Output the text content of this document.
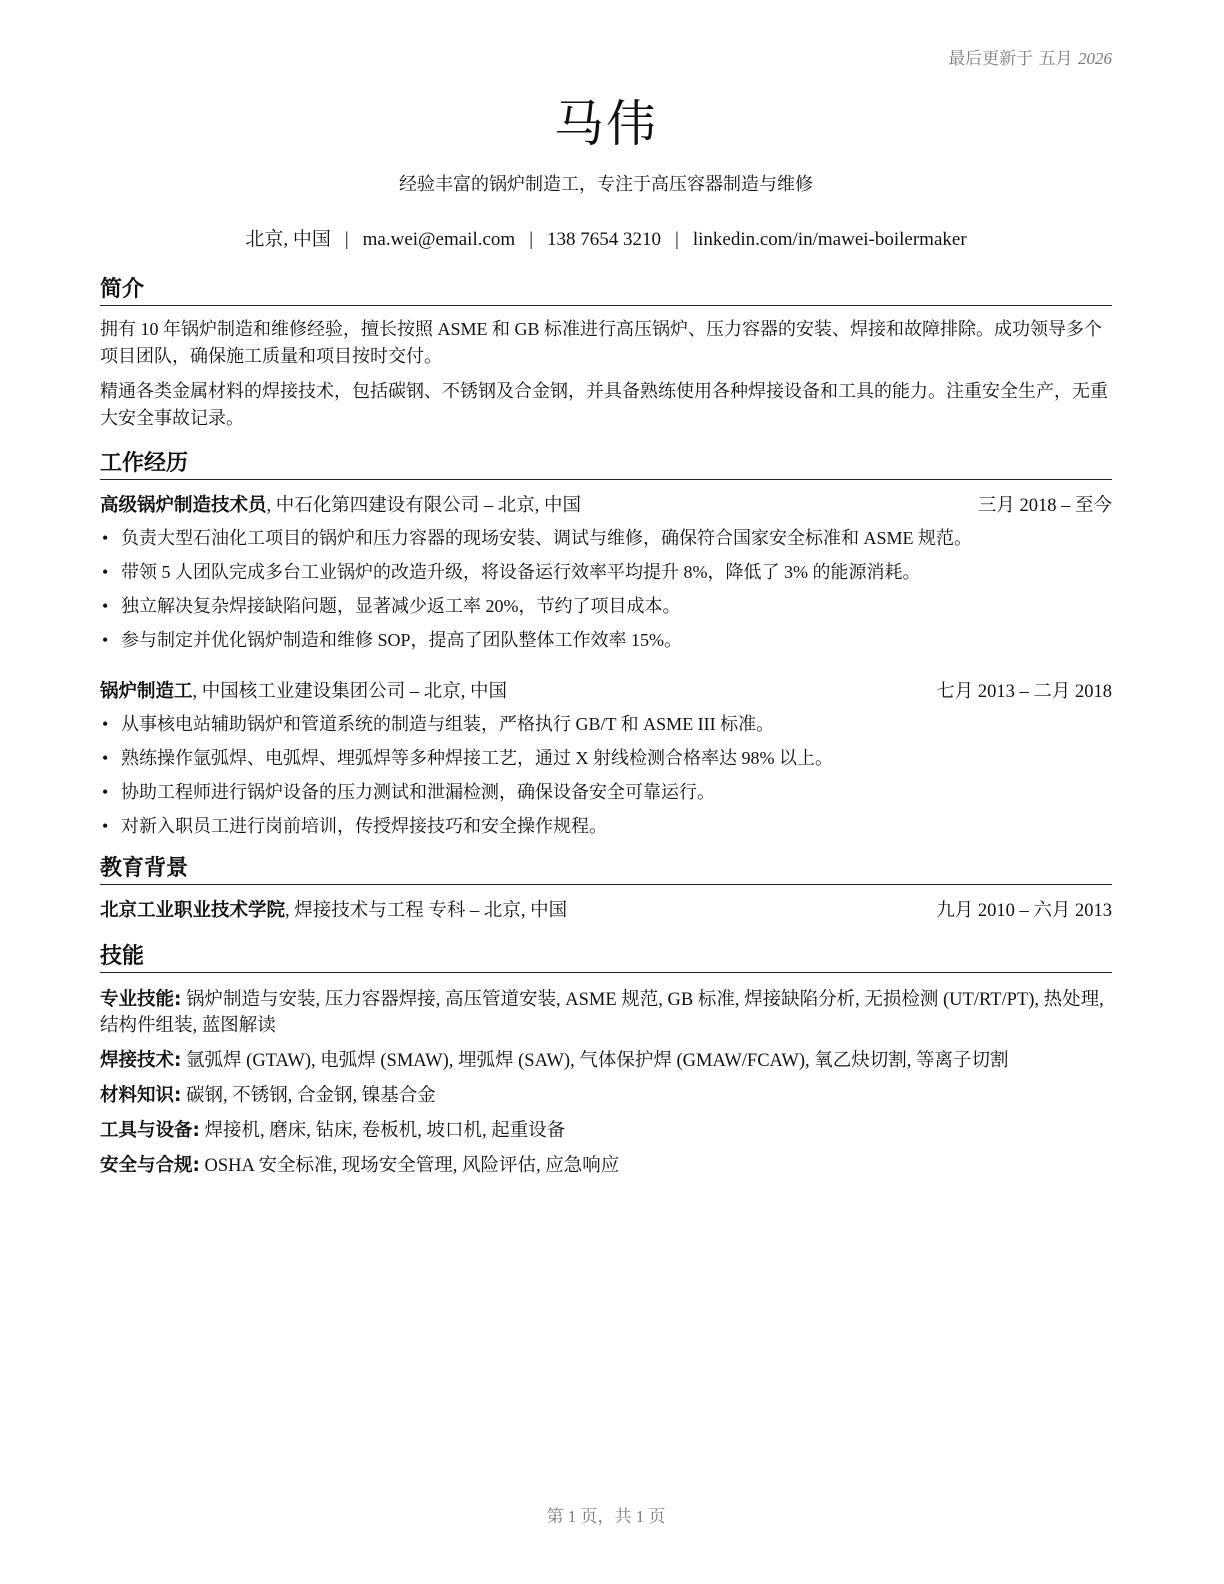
最后更新于 五月 2026
马伟
经验丰富的锅炉制造工，专注于高压容器制造与维修
北京, 中国 | ma.wei@email.com | 138 7654 3210 | linkedin.com/in/mawei-boilermaker
简介
拥有 10 年锅炉制造和维修经验，擅长按照 ASME 和 GB 标准进行高压锅炉、压力容器的安装、焊接和故障排除。成功领导多个项目团队，确保施工质量和项目按时交付。
精通各类金属材料的焊接技术，包括碳钢、不锈钢及合金钢，并具备熟练使用各种焊接设备和工具的能力。注重安全生产，无重大安全事故记录。
工作经历
高级锅炉制造技术员, 中石化第四建设有限公司 – 北京, 中国	三月 2018 – 至今
• 负责大型石油化工项目的锅炉和压力容器的现场安装、调试与维修，确保符合国家安全标准和 ASME 规范。
• 带领 5 人团队完成多台工业锅炉的改造升级，将设备运行效率平均提升 8%，降低了 3% 的能源消耗。
• 独立解决复杂焊接缺陷问题，显著减少返工率 20%，节约了项目成本。
• 参与制定并优化锅炉制造和维修 SOP，提高了团队整体工作效率 15%。
锅炉制造工, 中国核工业建设集团公司 – 北京, 中国	七月 2013 – 二月 2018
• 从事核电站辅助锅炉和管道系统的制造与组装，严格执行 GB/T 和 ASME III 标准。
• 熟练操作氩弧焊、电弧焊、埋弧焊等多种焊接工艺，通过 X 射线检测合格率达 98% 以上。
• 协助工程师进行锅炉设备的压力测试和泄漏检测，确保设备安全可靠运行。
• 对新入职员工进行岗前培训，传授焊接技巧和安全操作规程。
教育背景
北京工业职业技术学院, 焊接技术与工程 专科 – 北京, 中国	九月 2010 – 六月 2013
技能
专业技能: 锅炉制造与安装, 压力容器焊接, 高压管道安装, ASME 规范, GB 标准, 焊接缺陷分析, 无损检测 (UT/RT/PT), 热处理, 结构件组装, 蓝图解读
焊接技术: 氩弧焊 (GTAW), 电弧焊 (SMAW), 埋弧焊 (SAW), 气体保护焊 (GMAW/FCAW), 氧乙炔切割, 等离子切割
材料知识: 碳钢, 不锈钢, 合金钢, 镍基合金
工具与设备: 焊接机, 磨床, 钻床, 卷板机, 坡口机, 起重设备
安全与合规: OSHA 安全标准, 现场安全管理, 风险评估, 应急响应
第 1 页，共 1 页
